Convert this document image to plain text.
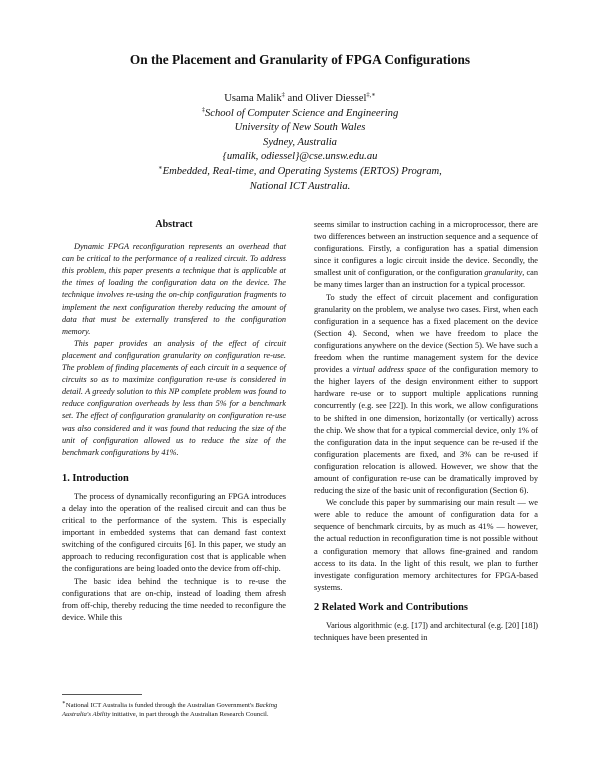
On the Placement and Granularity of FPGA Configurations
Usama Malik‡ and Oliver Diessel‡,∗
‡School of Computer Science and Engineering
University of New South Wales
Sydney, Australia
{umalik, odiessel}@cse.unsw.edu.au
∗Embedded, Real-time, and Operating Systems (ERTOS) Program,
National ICT Australia.
Abstract

Dynamic FPGA reconfiguration represents an overhead that can be critical to the performance of a realized circuit. To address this problem, this paper presents a technique that is applicable at the times of loading the configuration data on the device. The technique involves re-using the on-chip configuration fragments to implement the next configuration thereby reducing the amount of data that must be externally transfered to the configuration memory.

This paper provides an analysis of the effect of circuit placement and configuration granularity on configuration re-use. The problem of finding placements of each circuit in a sequence of circuits so as to maximize configuration re-use is considered in detail. A greedy solution to this NP complete problem was found to reduce configuration overheads by less than 5% for a benchmark set. The effect of configuration granularity on configuration re-use was also considered and it was found that reducing the size of the unit of configuration allowed us to reduce the size of the benchmark configurations by 41%.

1. Introduction

The process of dynamically reconfiguring an FPGA introduces a delay into the operation of the realised circuit and can thus be critical to the performance of the system. This is especially important in embedded systems that can demand fast context switching of the configured circuits [6]. In this paper, we study an approach to reducing reconfiguration cost that is applicable when the configurations are being loaded onto the device from off-chip.

The basic idea behind the technique is to re-use the configurations that are on-chip, instead of loading them afresh from off-chip, thereby reducing the time needed to reconfigure the device. While this

seems similar to instruction caching in a microprocessor, there are two differences between an instruction sequence and a sequence of configurations. Firstly, a configuration has a spatial dimension since it configures a logic circuit inside the device. Secondly, the smallest unit of configuration, or the configuration granularity, can be many times larger than an instruction for a typical processor.

To study the effect of circuit placement and configuration granularity on the problem, we analyse two cases. First, when each configuration in a sequence has a fixed placement on the device (Section 4). Second, when we have freedom to place the configurations anywhere on the device (Section 5). We have such a freedom when the runtime management system for the device provides a virtual address space of the configuration memory to the higher layers of the design environment either to support hardware re-use or to support multiple applications running concurrently (e.g. see [22]). In this work, we allow configurations to be shifted in one dimension, horizontally (or vertically) across the chip. We show that for a typical commercial device, only 1% of the configuration data in the input sequence can be re-used if the configuration placements are fixed, and 3% can be re-used if configuration relocation is allowed. However, we show that the amount of configuration re-use can be dramatically improved by reducing the size of the basic unit of reconfiguration (Section 6).

We conclude this paper by summarising our main result — we were able to reduce the amount of configuration data for a sequence of benchmark circuits, by as much as 41% — however, the actual reduction in reconfiguration time is not possible without a configuration memory that allows fine-grained and random access to its data. In the light of this result, we plan to further investigate configuration memory architectures for FPGA-based systems.

2 Related Work and Contributions

Various algorithmic (e.g. [17]) and architectural (e.g. [20] [18]) techniques have been presented in

∗National ICT Australia is funded through the Australian Government's Backing Australia's Ability initiative, in part through the Australian Research Council.
